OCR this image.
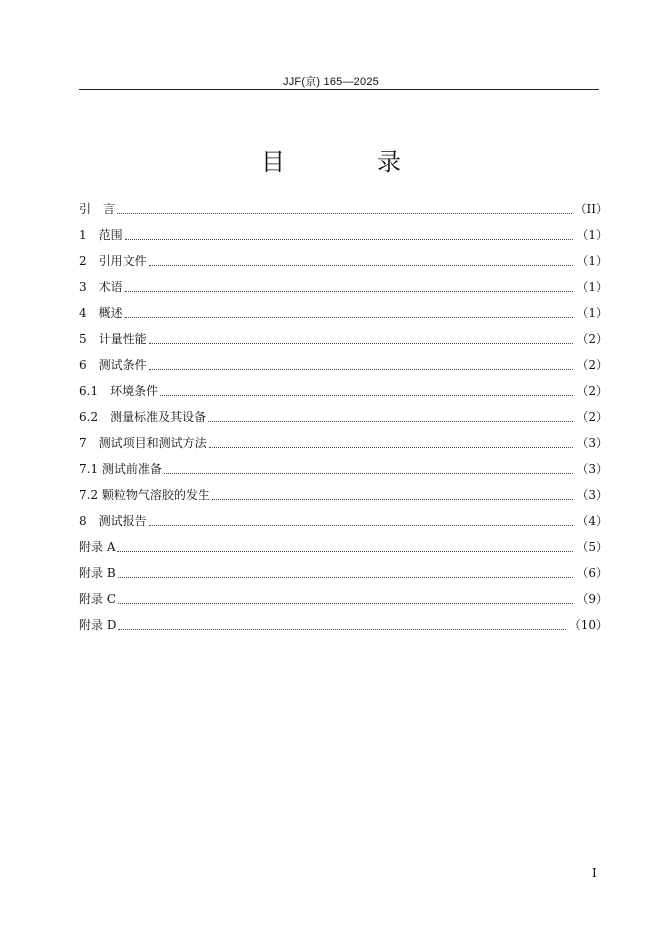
JJF(京) 165—2025
目　录
引　言	（II）
1　范围	（1）
2　引用文件	（1）
3　术语	（1）
4　概述	（1）
5　计量性能	（2）
6　测试条件	（2）
6.1　环境条件	（2）
6.2　测量标准及其设备	（2）
7　测试项目和测试方法	（3）
7.1 测试前准备	（3）
7.2 颗粒物气溶胶的发生	（3）
8　测试报告	（4）
附录 A	（5）
附录 B	（6）
附录 C	（9）
附录 D	（10）
I
